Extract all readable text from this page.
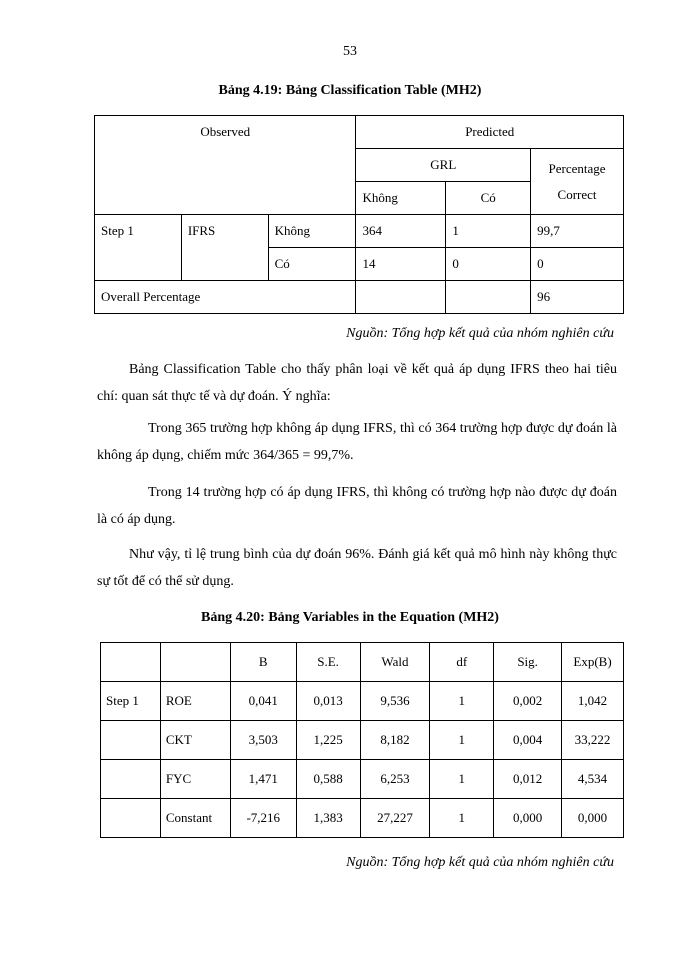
53
Bảng 4.19: Bảng Classification Table (MH2)
Observed			Predicted		
			GRL		Percentage Correct
			Không	Có	
Step 1	IFRS	Không	364	1	99,7
		Có	14	0	0
Overall Percentage					96
Nguồn: Tổng hợp kết quả của nhóm nghiên cứu
Bảng Classification Table cho thấy phân loại về kết quả áp dụng IFRS theo hai tiêu chí: quan sát thực tế và dự đoán. Ý nghĩa:
Trong 365 trường hợp không áp dụng IFRS, thì có 364 trường hợp được dự đoán là không áp dụng, chiếm mức 364/365 = 99,7%.
Trong 14 trường hợp có áp dụng IFRS, thì không có trường hợp nào được dự đoán là có áp dụng.
Như vậy, tỉ lệ trung bình của dự đoán 96%. Đánh giá kết quả mô hình này không thực sự tốt để có thể sử dụng.
Bảng 4.20: Bảng Variables in the Equation (MH2)
		B	S.E.	Wald	df	Sig.	Exp(B)
Step 1	ROE	0,041	0,013	9,536	1	0,002	1,042
	CKT	3,503	1,225	8,182	1	0,004	33,222
	FYC	1,471	0,588	6,253	1	0,012	4,534
	Constant	-7,216	1,383	27,227	1	0,000	0,000
Nguồn: Tổng hợp kết quả của nhóm nghiên cứu
